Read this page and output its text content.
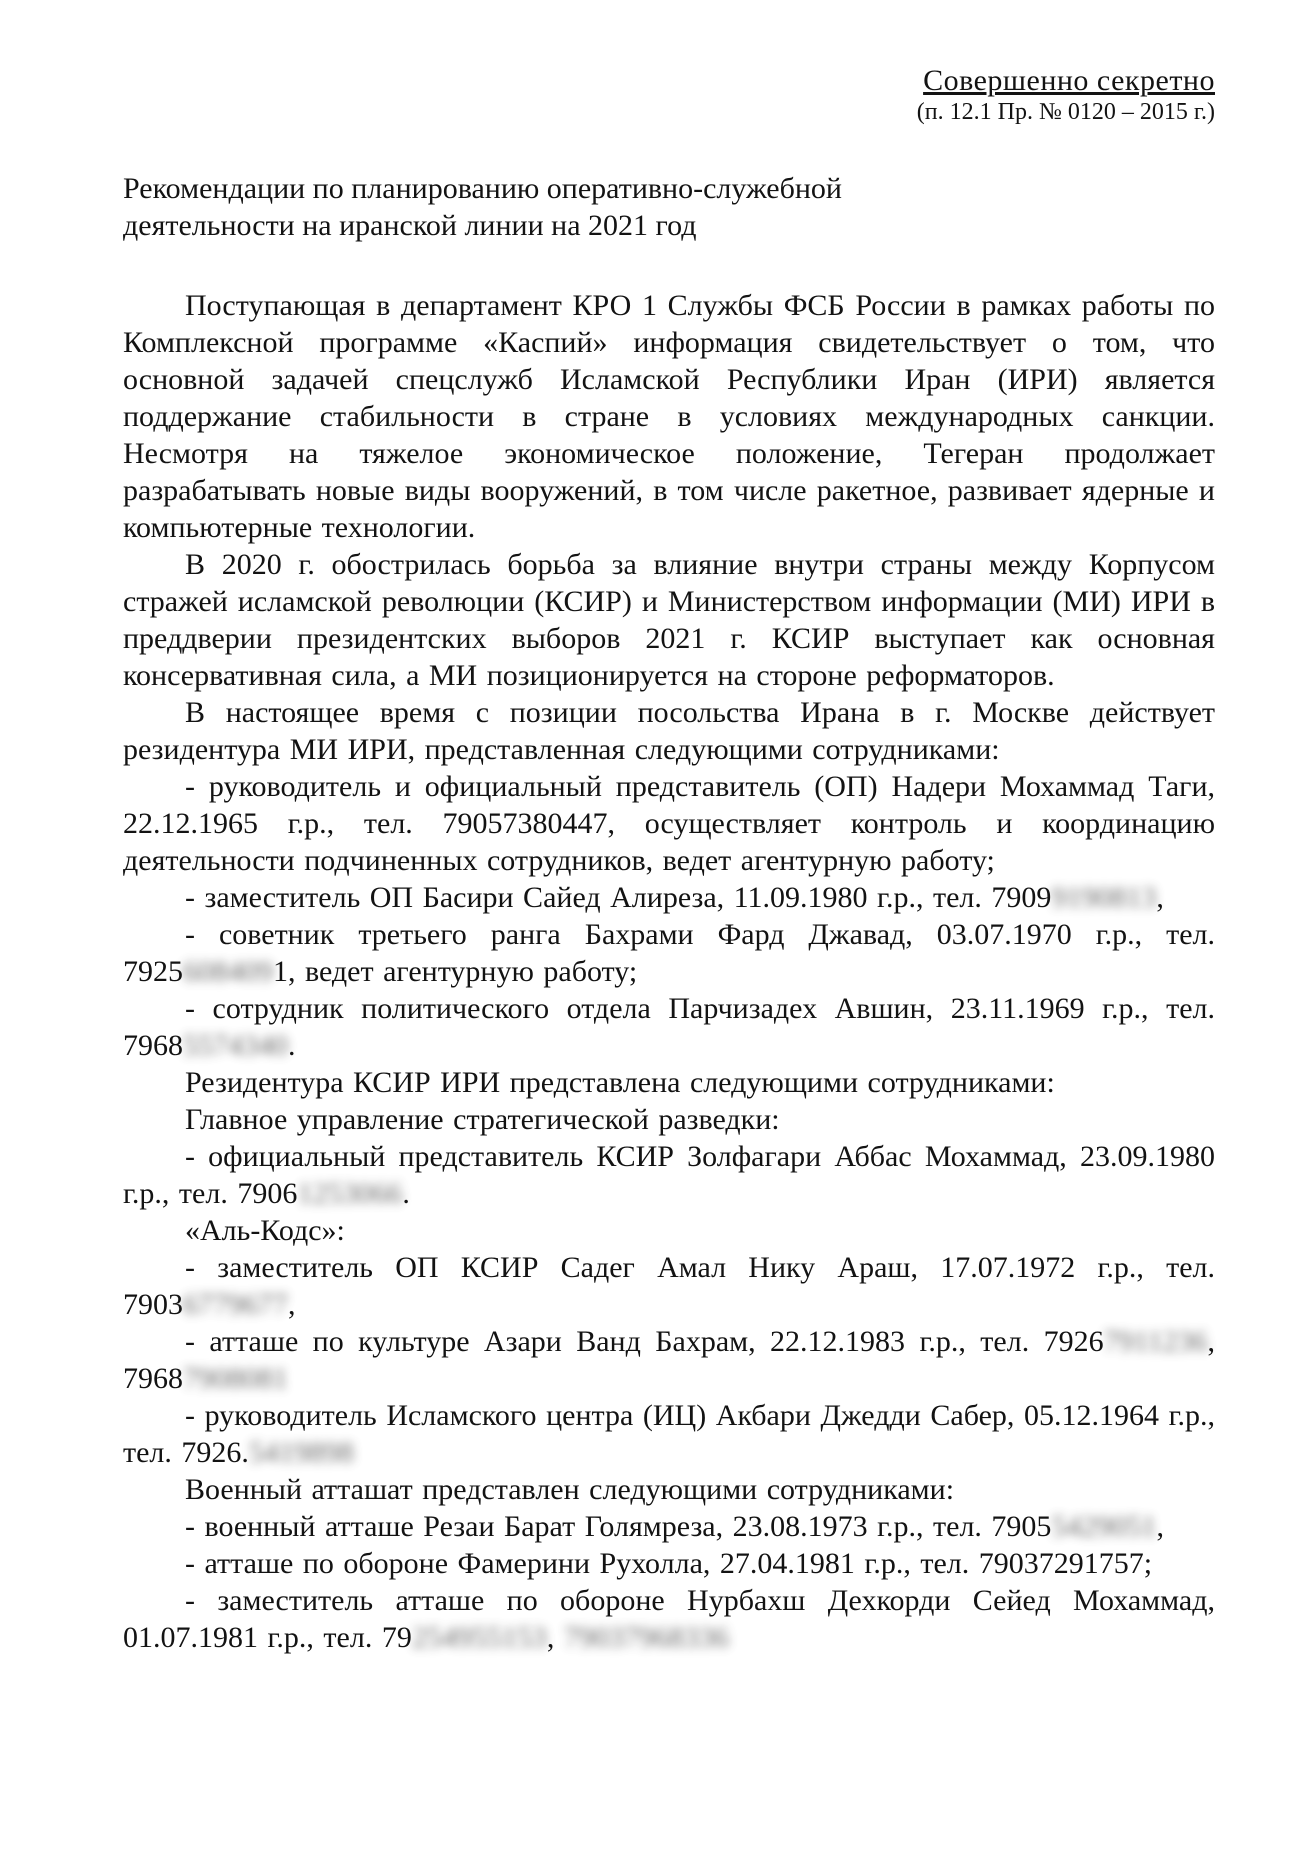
Совершенно секретно
(п. 12.1 Пр. № 0120 – 2015 г.)
Рекомендации по планированию оперативно-служебной
деятельности на иранской линии на 2021 год

Поступающая в департамент КРО 1 Службы ФСБ России в рамках работы по Комплексной программе «Каспий» информация свидетельствует о том, что основной задачей спецслужб Исламской Республики Иран (ИРИ) является поддержание стабильности в стране в условиях международных санкции. Несмотря на тяжелое экономическое положение, Тегеран продолжает разрабатывать новые виды вооружений, в том числе ракетное, развивает ядерные и компьютерные технологии.

В 2020 г. обострилась борьба за влияние внутри страны между Корпусом стражей исламской революции (КСИР) и Министерством информации (МИ) ИРИ в преддверии президентских выборов 2021 г. КСИР выступает как основная консервативная сила, а МИ позиционируется на стороне реформаторов.

В настоящее время с позиции посольства Ирана в г. Москве действует резидентура МИ ИРИ, представленная следующими сотрудниками:

- руководитель и официальный представитель (ОП) Надери Мохаммад Таги, 22.12.1965 г.р., тел. 79057380447, осуществляет контроль и координацию деятельности подчиненных сотрудников, ведет агентурную работу;

- заместитель ОП Басири Сайед Алиреза, 11.09.1980 г.р., тел. 79099190813,

- советник третьего ранга Бахрами Фард Джавад, 03.07.1970 г.р., тел. 79256084091, ведет агентурную работу;

- сотрудник политического отдела Парчизадех Авшин, 23.11.1969 г.р., тел. 79685574340.

Резидентура КСИР ИРИ представлена следующими сотрудниками:

Главное управление стратегической разведки:

- официальный представитель КСИР Золфагари Аббас Мохаммад, 23.09.1980 г.р., тел. 79061253066.

«Аль-Кодс»:

- заместитель ОП КСИР Садег Амал Нику Араш, 17.07.1972 г.р., тел. 79036779677,

- атташе по культуре Азари Ванд Бахрам, 22.12.1983 г.р., тел. 79267911236, 79687908081

- руководитель Исламского центра (ИЦ) Акбари Джедди Сабер, 05.12.1964 г.р., тел. 7926.5419898

Военный атташат представлен следующими сотрудниками:

- военный атташе Резаи Барат Голямреза, 23.08.1973 г.р., тел. 79055429051,

- атташе по обороне Фамерини Рухолла, 27.04.1981 г.р., тел. 79037291757;

- заместитель атташе по обороне Нурбахш Дехкорди Сейед Мохаммад, 01.07.1981 г.р., тел. 79254955153, 79037968336
